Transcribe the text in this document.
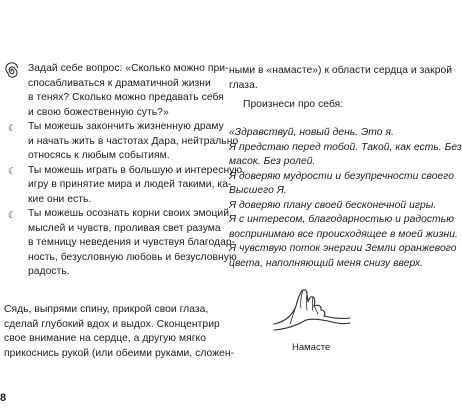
Задай себе вопрос: «Сколько можно при-
спосабливаться к драматичной жизни
в тенях? Сколько можно предавать себя
и свою божественную суть?»
☾ Ты можешь закончить жизненную драму
и начать жить в частотах Дара, нейтрально
относясь к любым событиям.
☾ Ты можешь играть в большую и интересную
игру в принятие мира и людей такими, ка-
кие они есть.
☾ Ты можешь осознать корни своих эмоций,
мыслей и чувств, проливая свет разума
в темницу неведения и чувствуя благодар-
ность, безусловную любовь и безусловную
радость.
Сядь, выпрями спину, прикрой свои глаза,
сделай глубокий вдох и выдох. Сконцентрир
свое внимание на сердце, а другую мягко
прикоснись рукой (или обеими руками, сложен-
ными в «намасте») к области сердца и закрой
глаза.
Произнеси про себя:
«Здравствуй, новый день. Это я.
Я предстаю перед тобой. Такой, как есть. Без
масок. Без ролей.
Я доверяю мудрости и безупречности своего
Высшего Я.
Я доверяю плану своей бесконечной игры.
Я с интересом, благодарностью и радостью
воспринимаю все происходящее в моей жизни.
Я чувствую поток энергии Земли оранжевого
цвета, наполняющий меня снизу вверх.
Намасте
8
